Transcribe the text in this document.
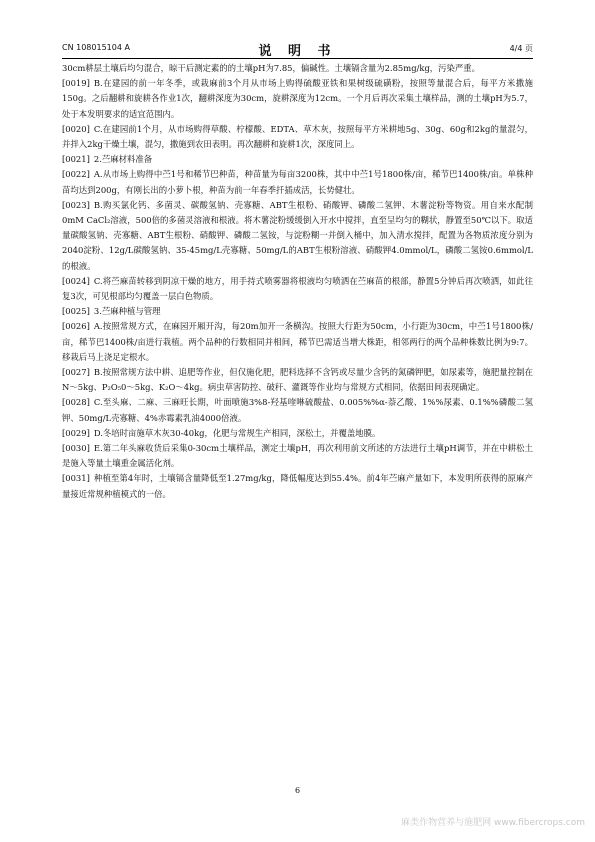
CN 108015104 A	说 明 书	4/4 页

30cm耕层土壤后均匀混合，晾干后测定素的的土壤pH为7.85，偏碱性。土壤镉含量为2.85mg/kg，污染严重。

[0019] B.在建园的前一年冬季，或栽麻前3个月从市场上购得硫酸亚铁和果树级硫磺粉，按照等量混合后，每平方米撒施150g。之后翻耕和旋耕各作业1次，翻耕深度为30cm，旋耕深度为12cm。一个月后再次采集土壤样品，测的土壤pH为5.7，处于本发明要求的适宜范围内。

[0020] C.在建园前1个月，从市场购得草酸、柠檬酸、EDTA、草木灰，按照每平方米耕地5g、30g、60g和2kg的量混匀，并拌入2kg干燥土壤，混匀，撒施到农田表明。再次翻耕和旋耕1次，深度同上。

[0021] 2.苎麻材料准备

[0022] A.从市场上购得中苎1号和稀节巴种苗，种苗量为每亩3200株，其中中苎1号1800株/亩，稀节巴1400株/亩。单株种苗均达到200g，有刚长出的小萝卜根，种苗为前一年春季扦插成活，长势健壮。

[0023] B.购买氯化钙、多菌灵、碳酸氢钠、壳寡糖、ABT生根粉、硝酸钾、磷酸二氢钾、木薯淀粉等物资。用自来水配制0mM CaCl₂溶液，500倍的多菌灵溶液和根液。将木薯淀粉缓缓倒入开水中搅拌，直至呈均匀的糊状，静置至50℃以下。取适量碳酸氢钠、壳寡糖、ABT生根粉、硝酸钾、磷酸二氢铵，与淀粉糊一并倒入桶中，加入清水搅拌，配置为各物质浓度分别为2040淀粉、12g/L碳酸氢钠、35-45mg/L壳寡糖、50mg/L的ABT生根粉溶液、硝酸钾4.0mmol/L，磷酸二氢铵0.6mmol/L的根液。

[0024] C.将苎麻苗转移到阴凉干燥的地方，用手持式喷雾器将根液均匀喷洒在苎麻苗的根部，静置5分钟后再次喷洒，如此往复3次，可见根部均匀覆盖一层白色物质。

[0025] 3.苎麻种植与管理

[0026] A.按照常规方式，在麻园开厢开沟，每20m加开一条横沟。按照大行距为50cm，小行距为30cm，中苎1号1800株/亩，稀节巴1400株/亩进行栽植。两个品种的行数相同并相间，稀节巴需适当增大株距，相邻两行的两个品种株数比例为9:7。移栽后马上浇足定根水。

[0027] B.按照常规方法中耕、追肥等作业，但仅施化肥，肥料选择不含钙或尽量少含钙的氮磷钾肥，如尿素等，施肥量控制在N～5kg、P₂O₅0～5kg、K₂O～4kg。病虫草害防控、破秆、灌溉等作业均与常规方式相同，依据田间表现确定。

[0028] C.至头麻、二麻、三麻旺长期，叶面喷施3%8-羟基喹啉硫酸盐、0.005%%α-萘乙酸、1%%尿素、0.1%%磷酸二氢钾、50mg/L壳寡糖、4%赤霉素乳油4000倍液。

[0029] D.冬培时亩施草木灰30-40kg，化肥与常规生产相同，深松土，并覆盖地膜。

[0030] E.第二年头麻收货后采集0-30cm土壤样品，测定土壤pH，再次利用前文所述的方法进行土壤pH调节，并在中耕松土是施入等量土壤重金属活化剂。

[0031] 种植至第4年时，土壤镉含量降低至1.27mg/kg，降低幅度达到55.4%。前4年苎麻产量如下，本发明所获得的原麻产量接近常规种植模式的一倍。

6
麻类作物营养与施肥网 www.fibercrops.com
